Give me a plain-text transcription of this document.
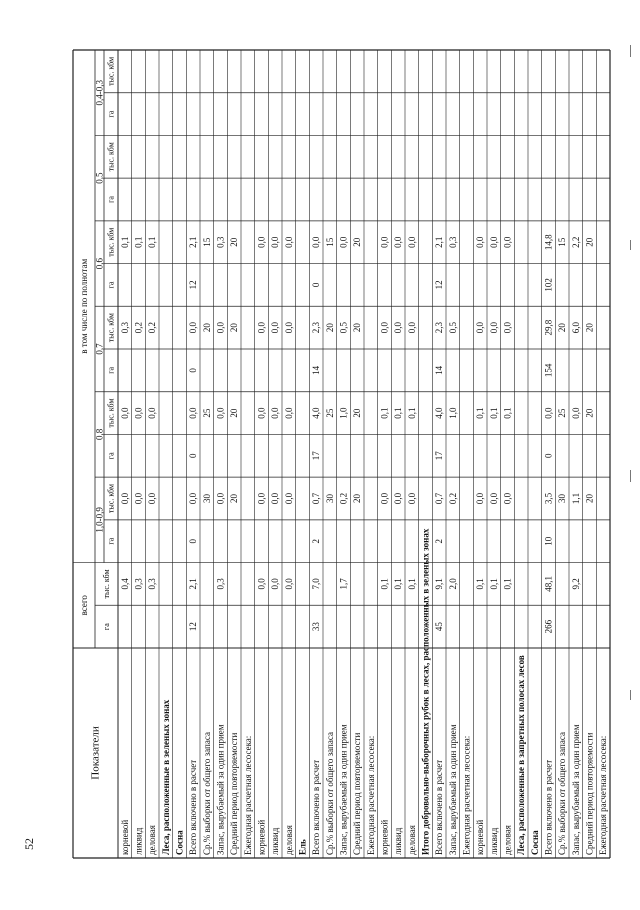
Показатели
всего
в том числе по полнотам
га
тыс. кбм
1,0-0,9
га
тыс. кбм
0,8
га
тыс. кбм
0,7
га
тыс. кбм
0,6
га
тыс. кбм
0,5
га
тыс. кбм
0,4-0,3
га
тыс. кбм
корневой
0,4
0,0
0,0
0,3
0,1
ликвид
0,3
0,0
0,0
0,2
0,1
деловая
0,3
0,0
0,0
0,2
0,1
Леса, расположенные в зеленых зонах Сосна Всего включено в расчет
12
2,1
0
0,0
0
0,0
0
0,0
12
2,1
Ср.% выборки от общего запаса
30
25
20
15
Запас, вырубаемый за один прием
0,3
0,0
0,0
0,0
0,3
Средний период повторяемости
20
20
20
20
Ежегодная расчетная лесосека: корневой
0,0
0,0
0,0
0,0
0,0
ликвид
0,0
0,0
0,0
0,0
0,0
деловая
0,0
0,0
0,0
0,0
0,0
Ель Всего включено в расчет
33
7,0
2
0,7
17
4,0
14
2,3
0
0,0
Ср.% выборки от общего запаса
30
25
20
15
Запас, вырубаемый за один прием
1,7
0,2
1,0
0,5
0,0
Средний период повторяемости
20
20
20
20
Ежегодная расчетная лесосека: корневой
0,1
0,0
0,1
0,0
0,0
ликвид
0,1
0,0
0,1
0,0
0,0
деловая
0,1
0,0
0,1
0,0
0,0
Итого добровольно-выборочных рубок в лесах, расположенных в зеленых зонах Всего включено в расчет
45
9,1
2
0,7
17
4,0
14
2,3
12
2,1
Запас, вырубаемый за один прием
2,0
0,2
1,0
0,5
0,3
Ежегодная расчетная лесосека: корневой
0,1
0,0
0,1
0,0
0,0
ликвид
0,1
0,0
0,1
0,0
0,0
деловая
0,1
0,0
0,1
0,0
0,0
Леса, расположенные в запретных полосах лесов Сосна Всего включено в расчет
266
48,1
10
3,5
0
0,0
154
29,8
102
14,8
Ср.% выборки от общего запаса
30
25
20
15
Запас, вырубаемый за один прием
9,2
1,1
0,0
6,0
2,2
Средний период повторяемости
20
20
20
20
Ежегодная расчетная лесосека:
52
